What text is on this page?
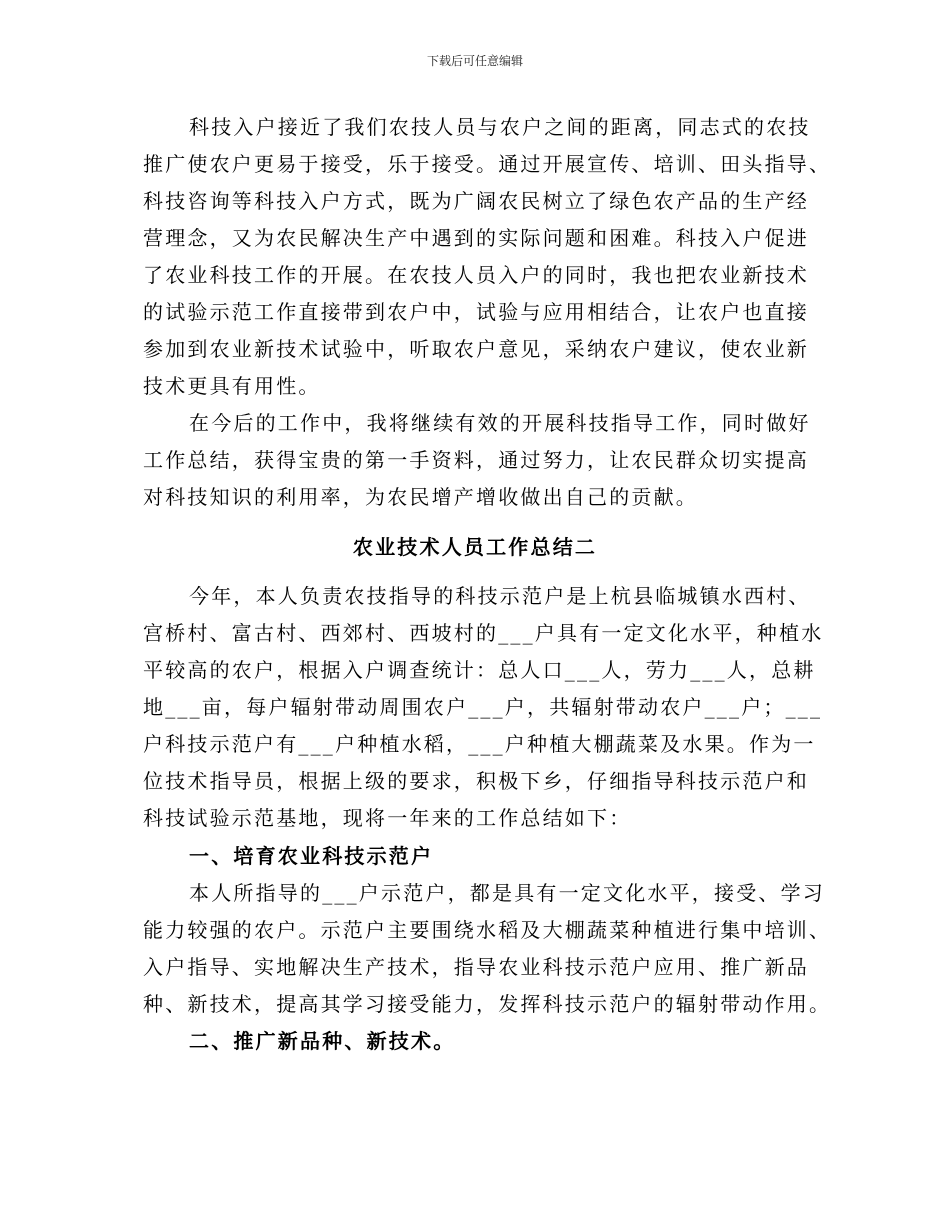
下载后可任意编辑
科技入户接近了我们农技人员与农户之间的距离，同志式的农技
推广使农户更易于接受，乐于接受。通过开展宣传、培训、田头指导、
科技咨询等科技入户方式，既为广阔农民树立了绿色农产品的生产经
营理念，又为农民解决生产中遇到的实际问题和困难。科技入户促进
了农业科技工作的开展。在农技人员入户的同时，我也把农业新技术
的试验示范工作直接带到农户中，试验与应用相结合，让农户也直接
参加到农业新技术试验中，听取农户意见，采纳农户建议，使农业新
技术更具有用性。
在今后的工作中，我将继续有效的开展科技指导工作，同时做好
工作总结，获得宝贵的第一手资料，通过努力，让农民群众切实提高
对科技知识的利用率，为农民增产增收做出自己的贡献。
农业技术人员工作总结二
今年，本人负责农技指导的科技示范户是上杭县临城镇水西村、
宫桥村、富古村、西郊村、西坡村的___户具有一定文化水平，种植水
平较高的农户，根据入户调查统计：总人口___人，劳力___人，总耕
地___亩，每户辐射带动周围农户___户，共辐射带动农户___户；___
户科技示范户有___户种植水稻，___户种植大棚蔬菜及水果。作为一
位技术指导员，根据上级的要求，积极下乡，仔细指导科技示范户和
科技试验示范基地，现将一年来的工作总结如下：
一、培育农业科技示范户
本人所指导的___户示范户，都是具有一定文化水平，接受、学习
能力较强的农户。示范户主要围绕水稻及大棚蔬菜种植进行集中培训、
入户指导、实地解决生产技术，指导农业科技示范户应用、推广新品
种、新技术，提高其学习接受能力，发挥科技示范户的辐射带动作用。
二、推广新品种、新技术。
